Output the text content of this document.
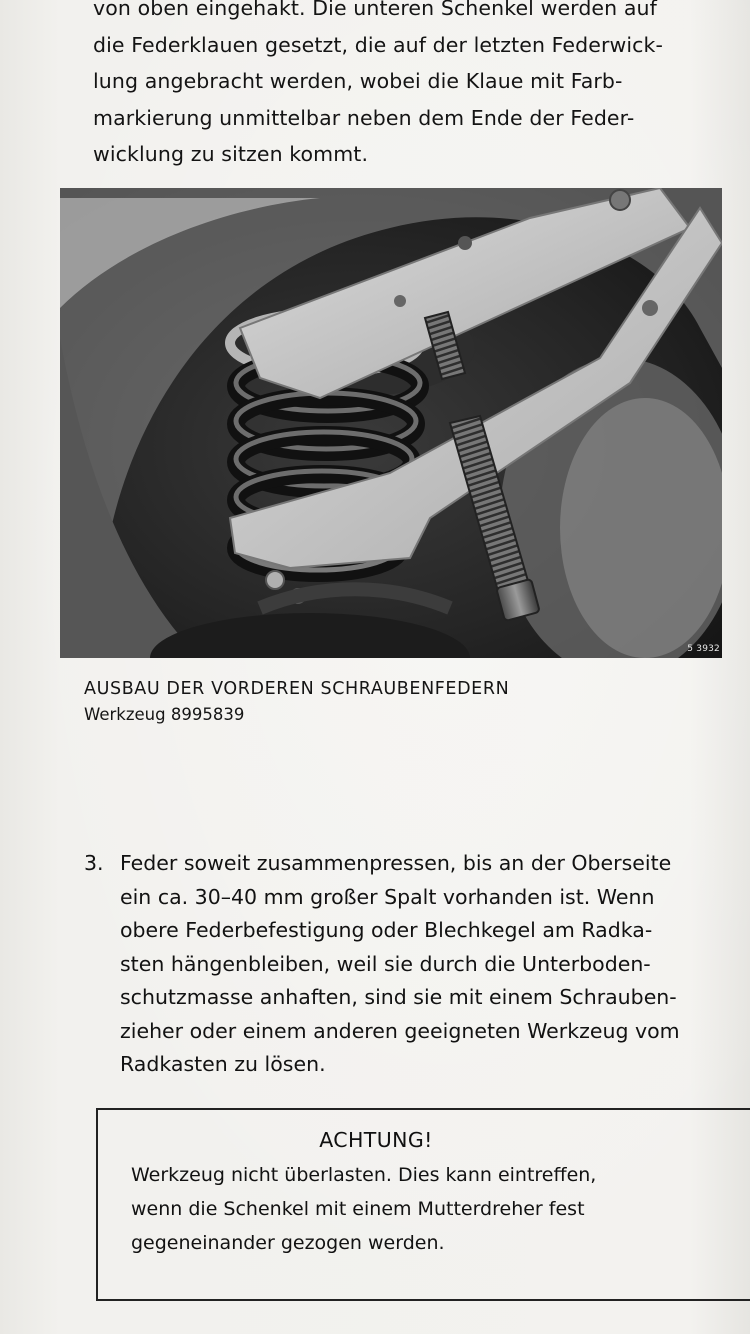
von oben eingehakt. Die unteren Schenkel werden auf
die Federklauen gesetzt, die auf der letzten Federwick-
lung angebracht werden, wobei die Klaue mit Farb-
markierung unmittelbar neben dem Ende der Feder-
wicklung zu sitzen kommt.
5 3932
AUSBAU DER VORDEREN SCHRAUBENFEDERN
Werkzeug 8995839
3. Feder soweit zusammenpressen, bis an der Oberseite
ein ca. 30–40 mm großer Spalt vorhanden ist. Wenn
obere Federbefestigung oder Blechkegel am Radka-
sten hängenbleiben, weil sie durch die Unterboden-
schutzmasse anhaften, sind sie mit einem Schrauben-
zieher oder einem anderen geeigneten Werkzeug vom
Radkasten zu lösen.
ACHTUNG!
Werkzeug nicht überlasten. Dies kann eintreffen,
wenn die Schenkel mit einem Mutterdreher fest
gegeneinander gezogen werden.
